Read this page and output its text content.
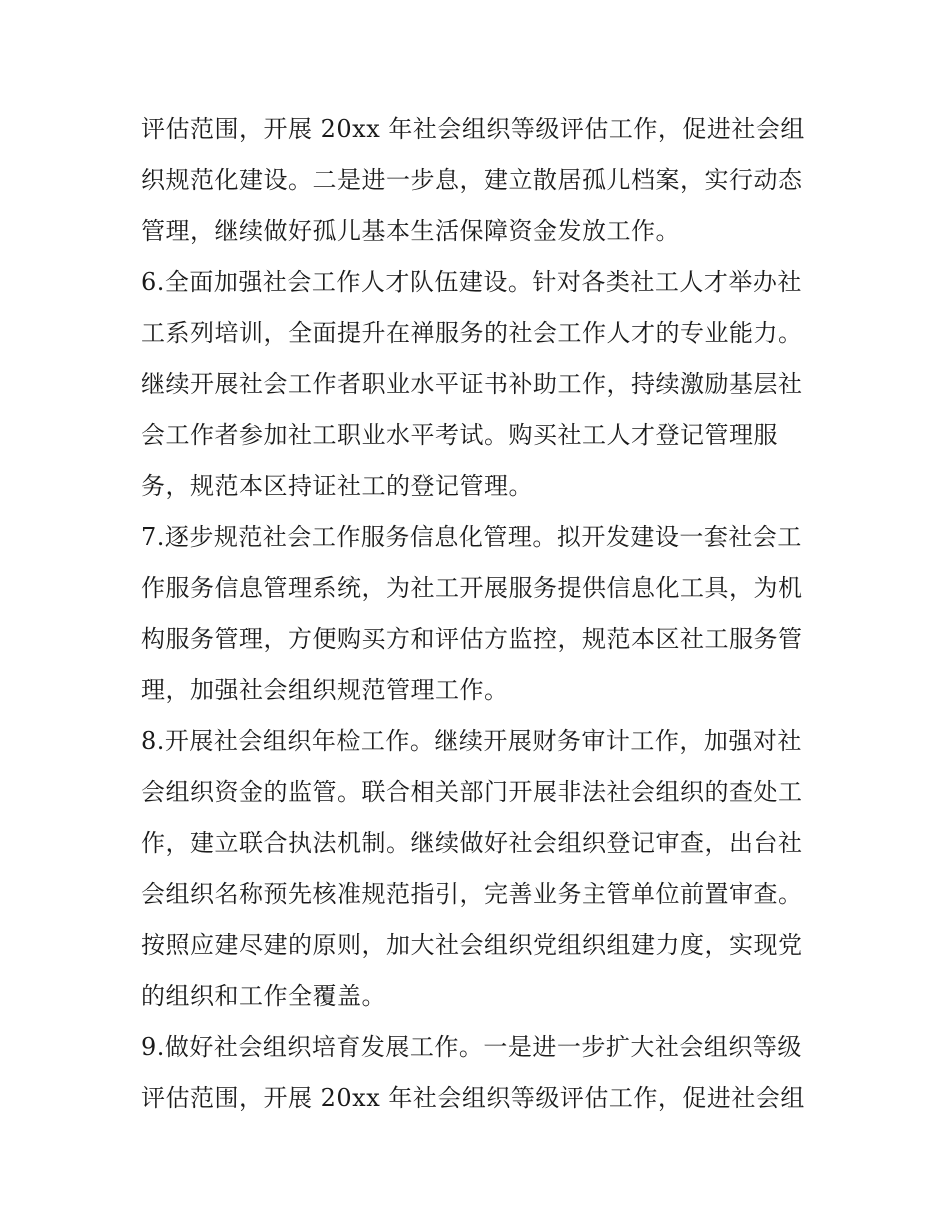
评估范围，开展 20xx 年社会组织等级评估工作，促进社会组
织规范化建设。二是进一步息，建立散居孤儿档案，实行动态
管理，继续做好孤儿基本生活保障资金发放工作。
6.全面加强社会工作人才队伍建设。针对各类社工人才举办社
工系列培训，全面提升在禅服务的社会工作人才的专业能力。
继续开展社会工作者职业水平证书补助工作，持续激励基层社
会工作者参加社工职业水平考试。购买社工人才登记管理服
务，规范本区持证社工的登记管理。
7.逐步规范社会工作服务信息化管理。拟开发建设一套社会工
作服务信息管理系统，为社工开展服务提供信息化工具，为机
构服务管理，方便购买方和评估方监控，规范本区社工服务管
理，加强社会组织规范管理工作。
8.开展社会组织年检工作。继续开展财务审计工作，加强对社
会组织资金的监管。联合相关部门开展非法社会组织的查处工
作，建立联合执法机制。继续做好社会组织登记审查，出台社
会组织名称预先核准规范指引，完善业务主管单位前置审查。
按照应建尽建的原则，加大社会组织党组织组建力度，实现党
的组织和工作全覆盖。
9.做好社会组织培育发展工作。一是进一步扩大社会组织等级
评估范围，开展 20xx 年社会组织等级评估工作，促进社会组
